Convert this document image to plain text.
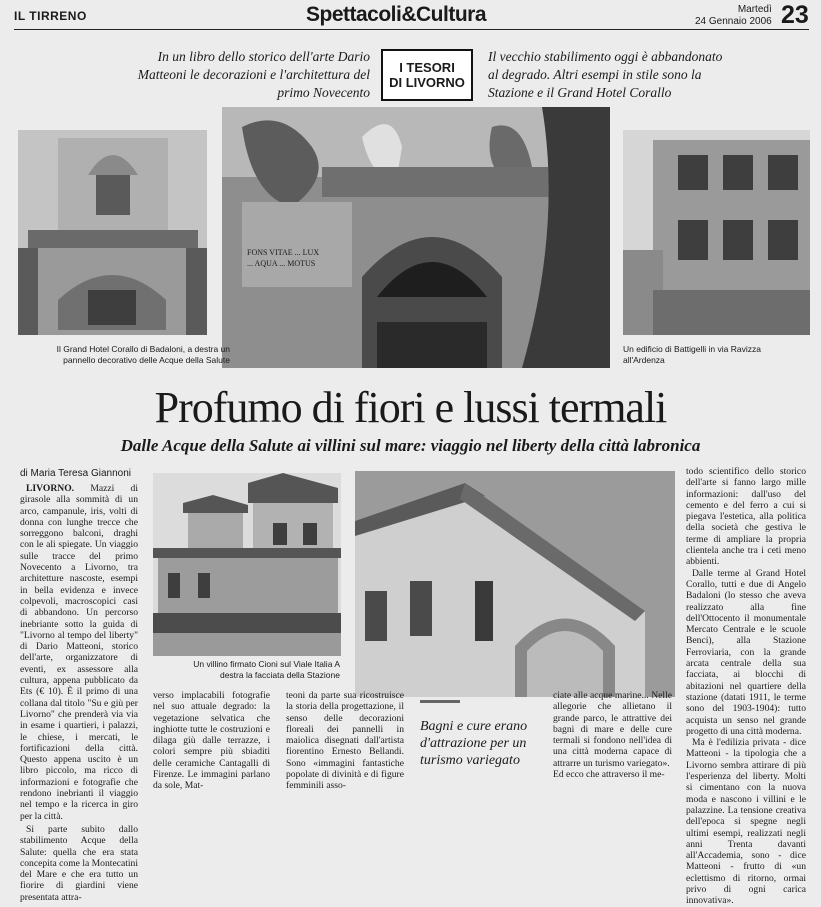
IL TIRRENO	Spettacoli&Cultura	Martedì
24 Gennaio 2006 23
In un libro dello storico dell'arte Dario Matteoni le decorazioni e l'architettura del primo Novecento
I TESORI
DI LIVORNO
Il vecchio stabilimento oggi è abbandonato al degrado. Altri esempi in stile sono la Stazione e il Grand Hotel Corallo
FONS VITAE ... LUX ... AQUA ... MOTUS
Il Grand Hotel Corallo di Badaloni, a destra un pannello decorativo delle Acque della Salute
Un edificio di Battigelli in via Ravizza all'Ardenza
Profumo di fiori e lussi termali
Dalle Acque della Salute ai villini sul mare: viaggio nel liberty della città labronica
di Maria Teresa Giannoni

LIVORNO. Mazzi di girasole alla sommità di un arco, campanule, iris, volti di donna con lunghe trecce che sorreggono balconi, draghi con le ali spiegate. Un viaggio sulle tracce del primo Novecento a Livorno, tra architetture nascoste, esempi in bella evidenza e invece colpevoli, macroscopici casi di abbandono. Un percorso inebriante sotto la guida di "Livorno al tempo del liberty" di Dario Matteoni, storico dell'arte, organizzatore di eventi, ex assessore alla cultura, appena pubblicato da Ets (€ 10). È il primo di una collana dal titolo "Su e giù per Livorno" che prenderà via via in esame i quartieri, i palazzi, le chiese, i mercati, le fortificazioni della città. Questo appena uscito è un libro piccolo, ma ricco di informazioni e fotografie che rendono inebrianti il viaggio nel tempo e la ricerca in giro per la città.

Si parte subito dallo stabilimento Acque della Salute: quella che era stata concepita come la Montecatini del Mare e che era tutto un fiorire di giardini viene presentata attra-

Un villino firmato Cioni sul Viale Italia A destra la facciata della Stazione
verso implacabili fotografie nel suo attuale degrado: la vegetazione selvatica che inghiotte tutte le costruzioni e dilaga giù dalle terrazze, i colori sempre più sbiaditi delle ceramiche Cantagalli di Firenze. Le immagini parlano da sole, Mat-
teoni da parte sua ricostruisce la storia della progettazione, il senso delle decorazioni floreali dei pannelli in maiolica disegnati dall'artista fiorentino Ernesto Bellandi. Sono «immagini fantastiche popolate di divinità e di figure femminili asso-
Bagni e cure erano d'attrazione per un turismo variegato
ciate alle acque marine... Nelle allegorie che allietano il grande parco, le attrattive dei bagni di mare e delle cure termali si fondono nell'idea di una città moderna capace di attrarre un turismo variegato».
Ed ecco che attraverso il me-

todo scientifico dello storico dell'arte si fanno largo mille informazioni: dall'uso del cemento e del ferro a cui si piegava l'estetica, alla politica della società che gestiva le terme di ampliare la propria clientela anche tra i ceti meno abbienti.

Dalle terme al Grand Hotel Corallo, tutti e due di Angelo Badaloni (lo stesso che aveva realizzato alla fine dell'Ottocento il monumentale Mercato Centrale e le scuole Benci), alla Stazione Ferroviaria, con la grande arcata centrale della sua facciata, ai blocchi di abitazioni nel quartiere della stazione (datati 1911, le terme sono del 1903-1904): tutto acquista un senso nel grande progetto di una città moderna.

Ma è l'edilizia privata - dice Matteoni - la tipologia che a Livorno sembra attirare di più l'esperienza del liberty. Molti si cimentano con la nuova moda e nascono i villini e le palazzine. La tensione creativa dell'epoca si spegne negli ultimi esempi, realizzati negli anni Trenta davanti all'Accademia, sono - dice Matteoni - frutto di «un eclettismo di ritorno, ormai privo di ogni carica innovativa».
